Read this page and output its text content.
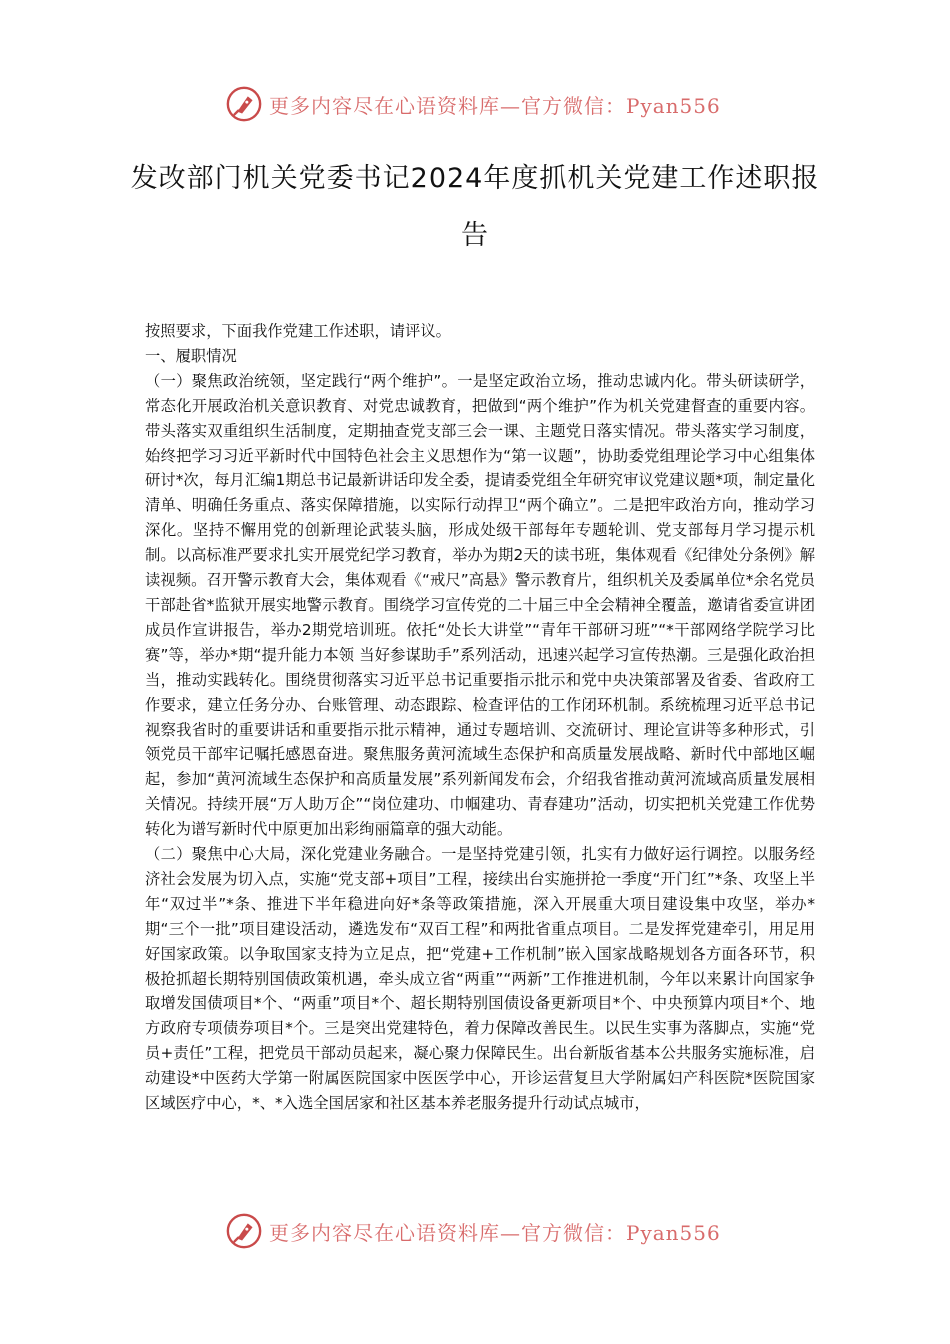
更多内容尽在心语资料库—官方微信：Pyan556
发改部门机关党委书记2024年度抓机关党建工作述职报告

按照要求，下面我作党建工作述职，请评议。

一、履职情况

（一）聚焦政治统领，坚定践行“两个维护”。一是坚定政治立场，推动忠诚内化。带头研读研学，常态化开展政治机关意识教育、对党忠诚教育，把做到“两个维护”作为机关党建督查的重要内容。带头落实双重组织生活制度，定期抽查党支部三会一课、主题党日落实情况。带头落实学习制度，始终把学习习近平新时代中国特色社会主义思想作为“第一议题”，协助委党组理论学习中心组集体研讨*次，每月汇编1期总书记最新讲话印发全委，提请委党组全年研究审议党建议题*项，制定量化清单、明确任务重点、落实保障措施，以实际行动捍卫“两个确立”。二是把牢政治方向，推动学习深化。坚持不懈用党的创新理论武装头脑，形成处级干部每年专题轮训、党支部每月学习提示机制。以高标准严要求扎实开展党纪学习教育，举办为期2天的读书班，集体观看《纪律处分条例》解读视频。召开警示教育大会，集体观看《“戒尺”高悬》警示教育片，组织机关及委属单位*余名党员干部赴省*监狱开展实地警示教育。围绕学习宣传党的二十届三中全会精神全覆盖，邀请省委宣讲团成员作宣讲报告，举办2期党培训班。依托“处长大讲堂”“青年干部研习班”“*干部网络学院学习比赛”等，举办*期“提升能力本领 当好参谋助手”系列活动，迅速兴起学习宣传热潮。三是强化政治担当，推动实践转化。围绕贯彻落实习近平总书记重要指示批示和党中央决策部署及省委、省政府工作要求，建立任务分办、台账管理、动态跟踪、检查评估的工作闭环机制。系统梳理习近平总书记视察我省时的重要讲话和重要指示批示精神，通过专题培训、交流研讨、理论宣讲等多种形式，引领党员干部牢记嘱托感恩奋进。聚焦服务黄河流域生态保护和高质量发展战略、新时代中部地区崛起，参加“黄河流域生态保护和高质量发展”系列新闻发布会，介绍我省推动黄河流域高质量发展相关情况。持续开展“万人助万企”“岗位建功、巾帼建功、青春建功”活动，切实把机关党建工作优势转化为谱写新时代中原更加出彩绚丽篇章的强大动能。

（二）聚焦中心大局，深化党建业务融合。一是坚持党建引领，扎实有力做好运行调控。以服务经济社会发展为切入点，实施“党支部+项目”工程，接续出台实施拼抢一季度“开门红”*条、攻坚上半年“双过半”*条、推进下半年稳进向好*条等政策措施，深入开展重大项目建设集中攻坚，举办*期“三个一批”项目建设活动，遴选发布“双百工程”和两批省重点项目。二是发挥党建牵引，用足用好国家政策。以争取国家支持为立足点，把“党建+工作机制”嵌入国家战略规划各方面各环节，积极抢抓超长期特别国债政策机遇，牵头成立省“两重”“两新”工作推进机制，今年以来累计向国家争取增发国债项目*个、“两重”项目*个、超长期特别国债设备更新项目*个、中央预算内项目*个、地方政府专项债券项目*个。三是突出党建特色，着力保障改善民生。以民生实事为落脚点，实施“党员+责任”工程，把党员干部动员起来，凝心聚力保障民生。出台新版省基本公共服务实施标准，启动建设*中医药大学第一附属医院国家中医医学中心，开诊运营复旦大学附属妇产科医院*医院国家区域医疗中心，*、*入选全国居家和社区基本养老服务提升行动试点城市，

更多内容尽在心语资料库—官方微信：Pyan556
